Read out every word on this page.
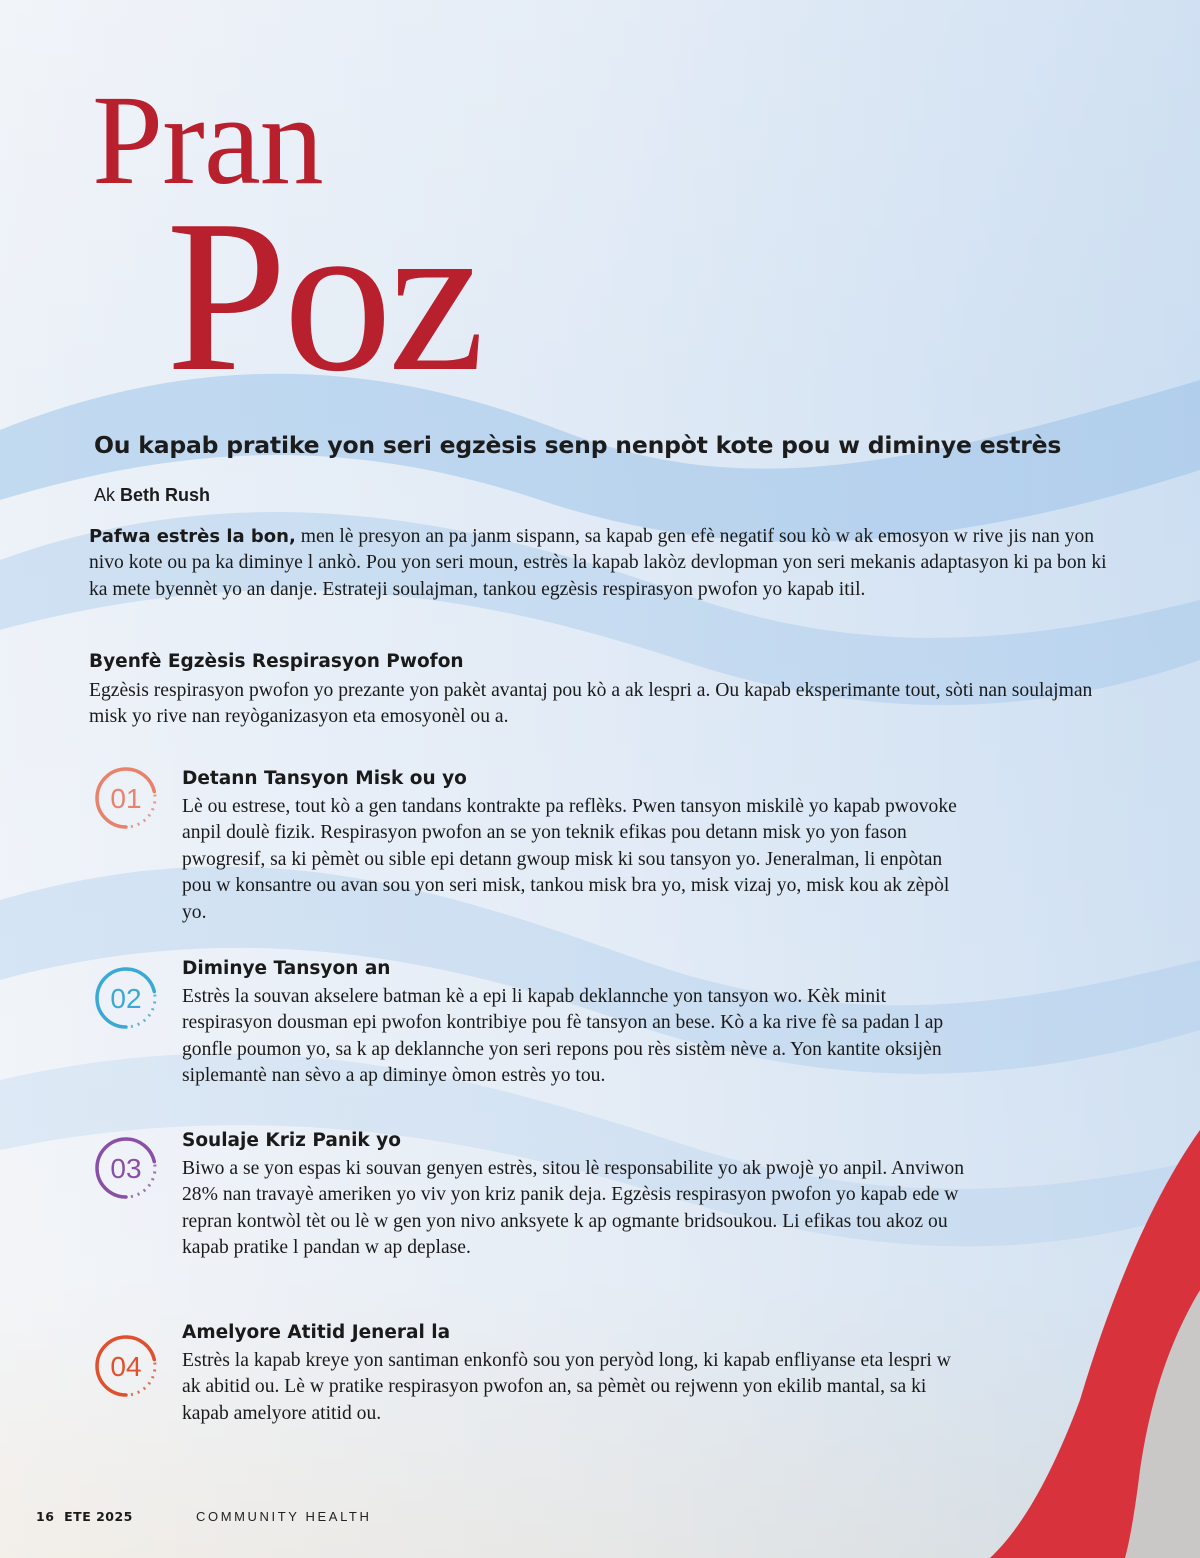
Pran
Poz
Ou kapab pratike yon seri egzèsis senp nenpòt kote pou w diminye estrès
Ak Beth Rush

Pafwa estrès la bon, men lè presyon an pa janm sispann, sa kapab gen efè negatif sou kò w ak emosyon w rive jis nan yon nivo kote ou pa ka diminye l ankò. Pou yon seri moun, estrès la kapab lakòz devlopman yon seri mekanis adaptasyon ki pa bon ki ka mete byennèt yo an danje. Estrateji soulajman, tankou egzèsis respirasyon pwofon yo kapab itil.

Byenfè Egzèsis Respirasyon Pwofon

Egzèsis respirasyon pwofon yo prezante yon pakèt avantaj pou kò a ak lespri a. Ou kapab eksperimante tout, sòti nan soulajman misk yo rive nan reyòganizasyon eta emosyonèl ou a.

01
Detann Tansyon Misk ou yo

Lè ou estrese, tout kò a gen tandans kontrakte pa reflèks. Pwen tansyon miskilè yo kapab pwovoke anpil doulè fizik. Respirasyon pwofon an se yon teknik efikas pou detann misk yo yon fason pwogresif, sa ki pèmèt ou sible epi detann gwoup misk ki sou tansyon yo. Jeneralman, li enpòtan pou w konsantre ou avan sou yon seri misk, tankou misk bra yo, misk vizaj yo, misk kou ak zèpòl yo.

02
Diminye Tansyon an

Estrès la souvan akselere batman kè a epi li kapab deklannche yon tansyon wo. Kèk minit respirasyon dousman epi pwofon kontribiye pou fè tansyon an bese. Kò a ka rive fè sa padan l ap gonfle poumon yo, sa k ap deklannche yon seri repons pou rès sistèm nève a. Yon kantite oksijèn siplemantè nan sèvo a ap diminye òmon estrès yo tou.

03
Soulaje Kriz Panik yo

Biwo a se yon espas ki souvan genyen estrès, sitou lè responsabilite yo ak pwojè yo anpil. Anviwon 28% nan travayè ameriken yo viv yon kriz panik deja. Egzèsis respirasyon pwofon yo kapab ede w repran kontwòl tèt ou lè w gen yon nivo anksyete k ap ogmante bridsoukou. Li efikas tou akoz ou kapab pratike l pandan w ap deplase.

04
Amelyore Atitid Jeneral la

Estrès la kapab kreye yon santiman enkonfò sou yon peryòd long, ki kapab enfliyanse eta lespri w ak abitid ou. Lè w pratike respirasyon pwofon an, sa pèmèt ou rejwenn yon ekilib mantal, sa ki kapab amelyore atitid ou.

16 ETE 2025	COMMUNITY HEALTH
